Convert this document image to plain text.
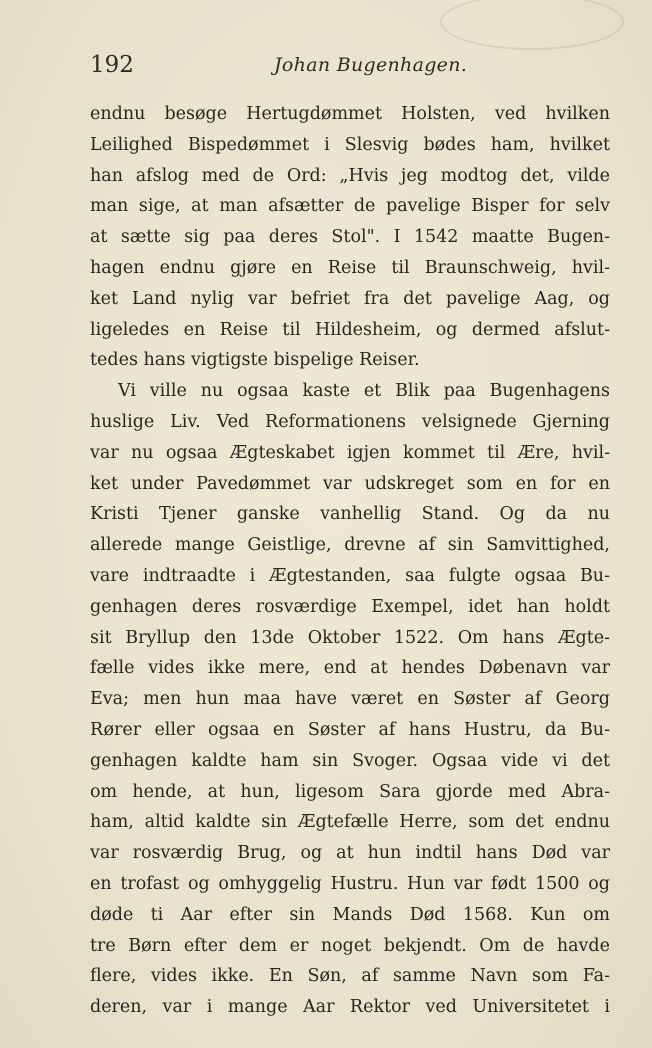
192	Johan Bugenhagen.
endnu besøge Hertugdømmet Holsten, ved hvilken
Leilighed Bispedømmet i Slesvig bødes ham, hvilket
han afslog med de Ord: „Hvis jeg modtog det, vilde
man sige, at man afsætter de pavelige Bisper for selv
at sætte sig paa deres Stol". I 1542 maatte Bugen-
hagen endnu gjøre en Reise til Braunschweig, hvil-
ket Land nylig var befriet fra det pavelige Aag, og
ligeledes en Reise til Hildesheim, og dermed afslut-
tedes hans vigtigste bispelige Reiser.
Vi ville nu ogsaa kaste et Blik paa Bugenhagens
huslige Liv. Ved Reformationens velsignede Gjerning
var nu ogsaa Ægteskabet igjen kommet til Ære, hvil-
ket under Pavedømmet var udskreget som en for en
Kristi Tjener ganske vanhellig Stand. Og da nu
allerede mange Geistlige, drevne af sin Samvittighed,
vare indtraadte i Ægtestanden, saa fulgte ogsaa Bu-
genhagen deres rosværdige Exempel, idet han holdt
sit Bryllup den 13de Oktober 1522. Om hans Ægte-
fælle vides ikke mere, end at hendes Døbenavn var
Eva; men hun maa have været en Søster af Georg
Rører eller ogsaa en Søster af hans Hustru, da Bu-
genhagen kaldte ham sin Svoger. Ogsaa vide vi det
om hende, at hun, ligesom Sara gjorde med Abra-
ham, altid kaldte sin Ægtefælle Herre, som det endnu
var rosværdig Brug, og at hun indtil hans Død var
en trofast og omhyggelig Hustru. Hun var født 1500 og
døde ti Aar efter sin Mands Død 1568. Kun om
tre Børn efter dem er noget bekjendt. Om de havde
flere, vides ikke. En Søn, af samme Navn som Fa-
deren, var i mange Aar Rektor ved Universitetet i
